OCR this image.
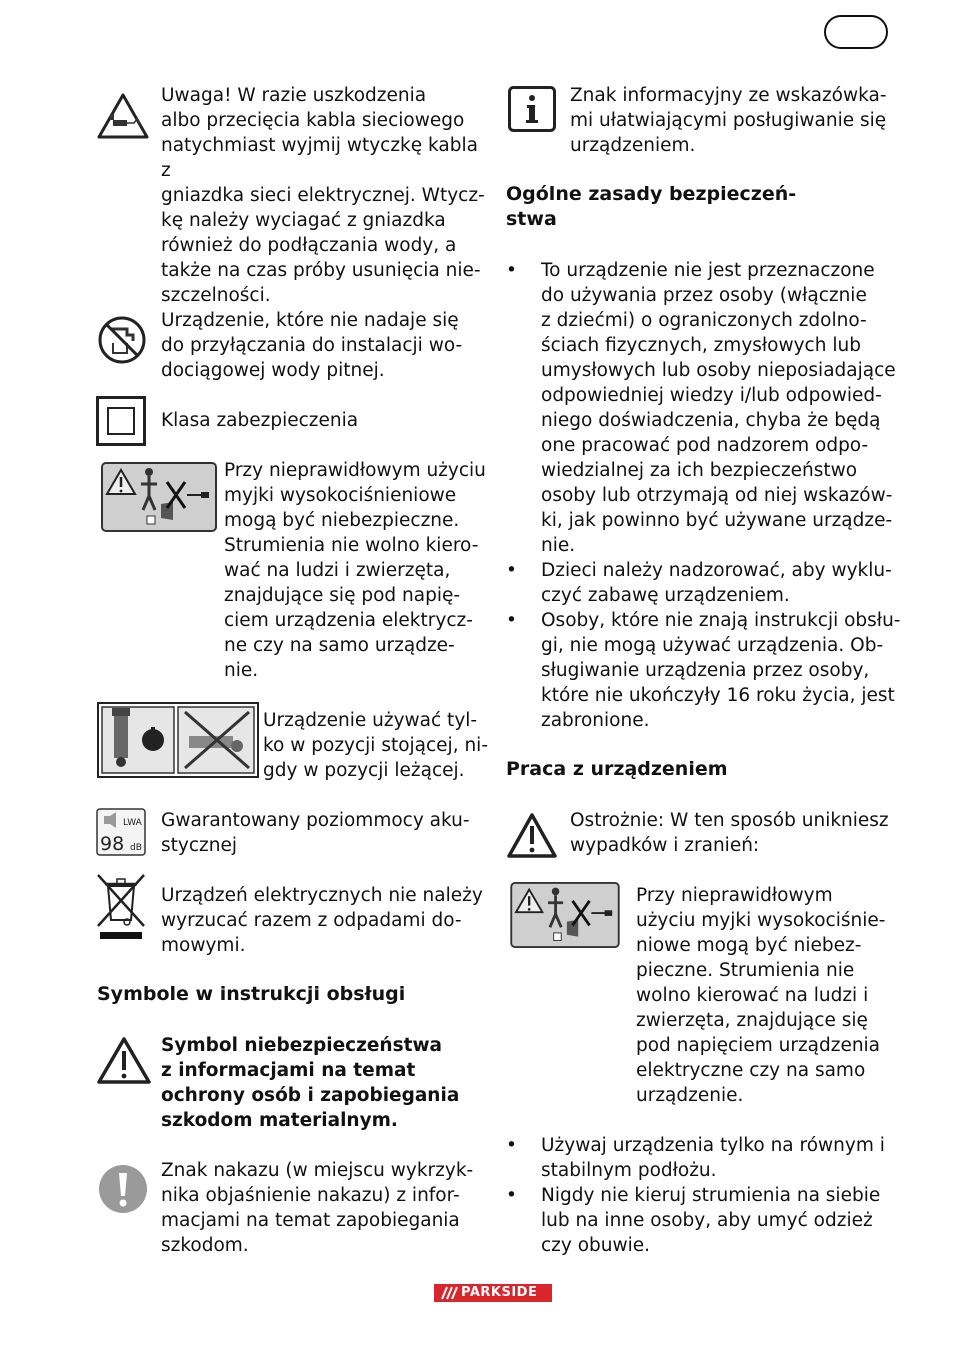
Uwaga! W razie uszkodzenia
albo przecięcia kabla sieciowego
natychmiast wyjmij wtyczkę kabla z
gniazdka sieci elektrycznej. Wtycz-
kę należy wyciagać z gniazdka
również do podłączania wody, a
także na czas próby usunięcia nie-
szczelności.
Urządzenie, które nie nadaje się
do przyłączania do instalacji wo-
dociągowej wody pitnej.
Klasa zabezpieczenia
Przy nieprawidłowym użyciu
myjki wysokociśnieniowe
mogą być niebezpieczne.
Strumienia nie wolno kiero-
wać na ludzi i zwierzęta,
znajdujące się pod napię-
ciem urządzenia elektrycz-
ne czy na samo urządze-
nie.
Urządzenie używać tyl-
ko w pozycji stojącej, ni-
gdy w pozycji leżącej.
LWA
98 dB
Gwarantowany poziommocy aku-
stycznej
Urządzeń elektrycznych nie należy
wyrzucać razem z odpadami do-
mowymi.
Symbole w instrukcji obsługi
Symbol niebezpieczeństwa
z informacjami na temat
ochrony osób i zapobiegania
szkodom materialnym.
Znak nakazu (w miejscu wykrzyk-
nika objaśnienie nakazu) z infor-
macjami na temat zapobiegania
szkodom.
Znak informacyjny ze wskazówka-
mi ułatwiającymi posługiwanie się
urządzeniem.
Ogólne zasady bezpieczeń-
stwa
• To urządzenie nie jest przeznaczone
do używania przez osoby (włącznie
z dziećmi) o ograniczonych zdolno-
ściach fizycznych, zmysłowych lub
umysłowych lub osoby nieposiadające
odpowiedniej wiedzy i/lub odpowied-
niego doświadczenia, chyba że będą
one pracować pod nadzorem odpo-
wiedzialnej za ich bezpieczeństwo
osoby lub otrzymają od niej wskazów-
ki, jak powinno być używane urządze-
nie.
• Dzieci należy nadzorować, aby wyklu-
czyć zabawę urządzeniem.
• Osoby, które nie znają instrukcji obsłu-
gi, nie mogą używać urządzenia. Ob-
sługiwanie urządzenia przez osoby,
które nie ukończyły 16 roku życia, jest
zabronione.
Praca z urządzeniem
Ostrożnie: W ten sposób unikniesz
wypadków i zranień:
Przy nieprawidłowym
użyciu myjki wysokociśnie-
niowe mogą być niebez-
pieczne. Strumienia nie
wolno kierować na ludzi i
zwierzęta, znajdujące się
pod napięciem urządzenia
elektryczne czy na samo
urządzenie.
• Używaj urządzenia tylko na równym i
stabilnym podłożu.
• Nigdy nie kieruj strumienia na siebie
lub na inne osoby, aby umyć odzież
czy obuwie.
PARKSIDE
